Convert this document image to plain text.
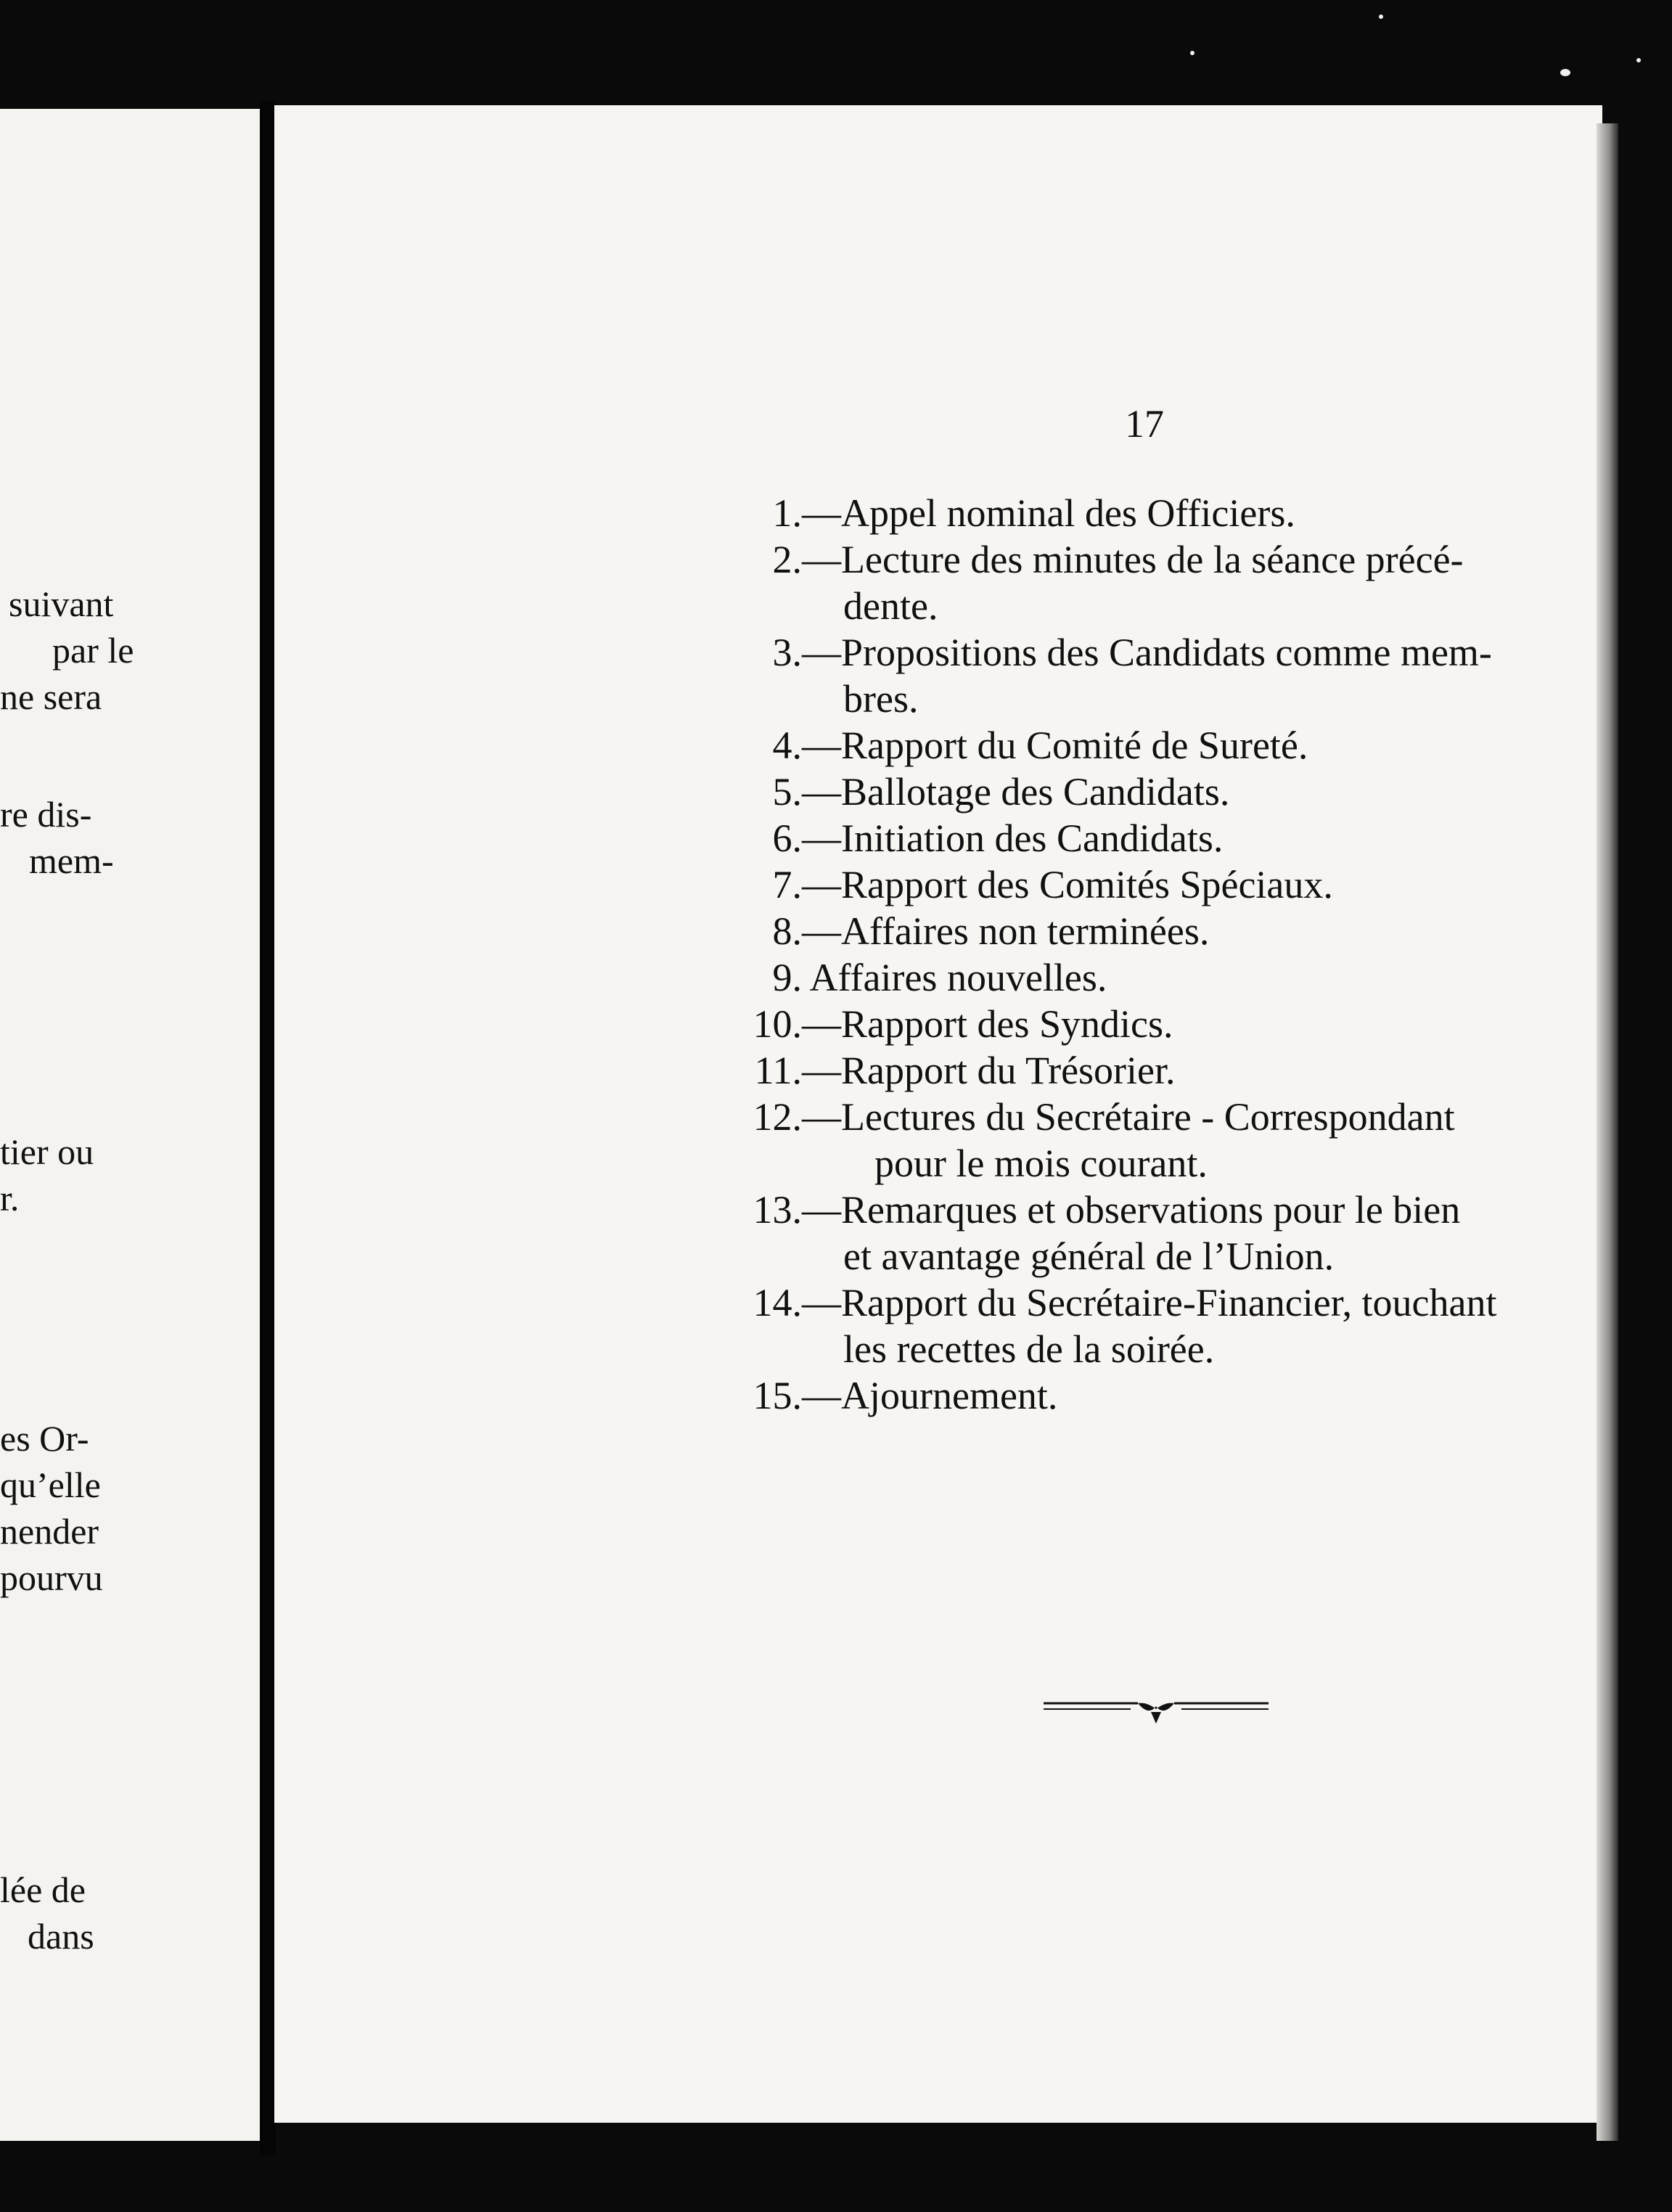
suivant
par le
ne sera
re dis-
mem-
tier ou
r.
es Or-
qu’elle
nender
pourvu
lée de
dans
17
1.—Appel nominal des Officiers.
2.—Lecture des minutes de la séance précé-
dente.
3.—Propositions des Candidats comme mem-
bres.
4.—Rapport du Comité de Sureté.
5.—Ballotage des Candidats.
6.—Initiation des Candidats.
7.—Rapport des Comités Spéciaux.
8.—Affaires non terminées.
9. Affaires nouvelles.
10.—Rapport des Syndics.
11.—Rapport du Trésorier.
12.—Lectures du Secrétaire - Correspondant
pour le mois courant.
13.—Remarques et observations pour le bien
et avantage général de l’Union.
14.—Rapport du Secrétaire-Financier, touchant
les recettes de la soirée.
15.—Ajournement.
